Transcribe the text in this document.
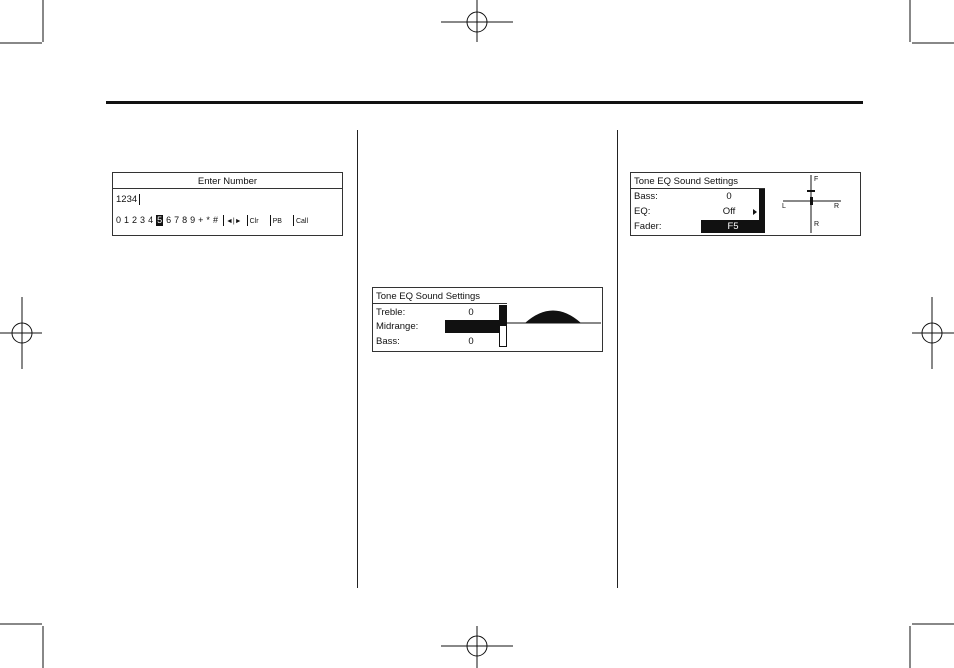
Enter Number
1234
0 1 2 3 4 5 6 7 8 9 + * # ◄|► Clr PB Call
Tone EQ Sound Settings
Treble:	0
Midrange:
Bass:	0
Tone EQ Sound Settings
Bass:	0
EQ:	Off
Fader:	F5
F
L	R
R
